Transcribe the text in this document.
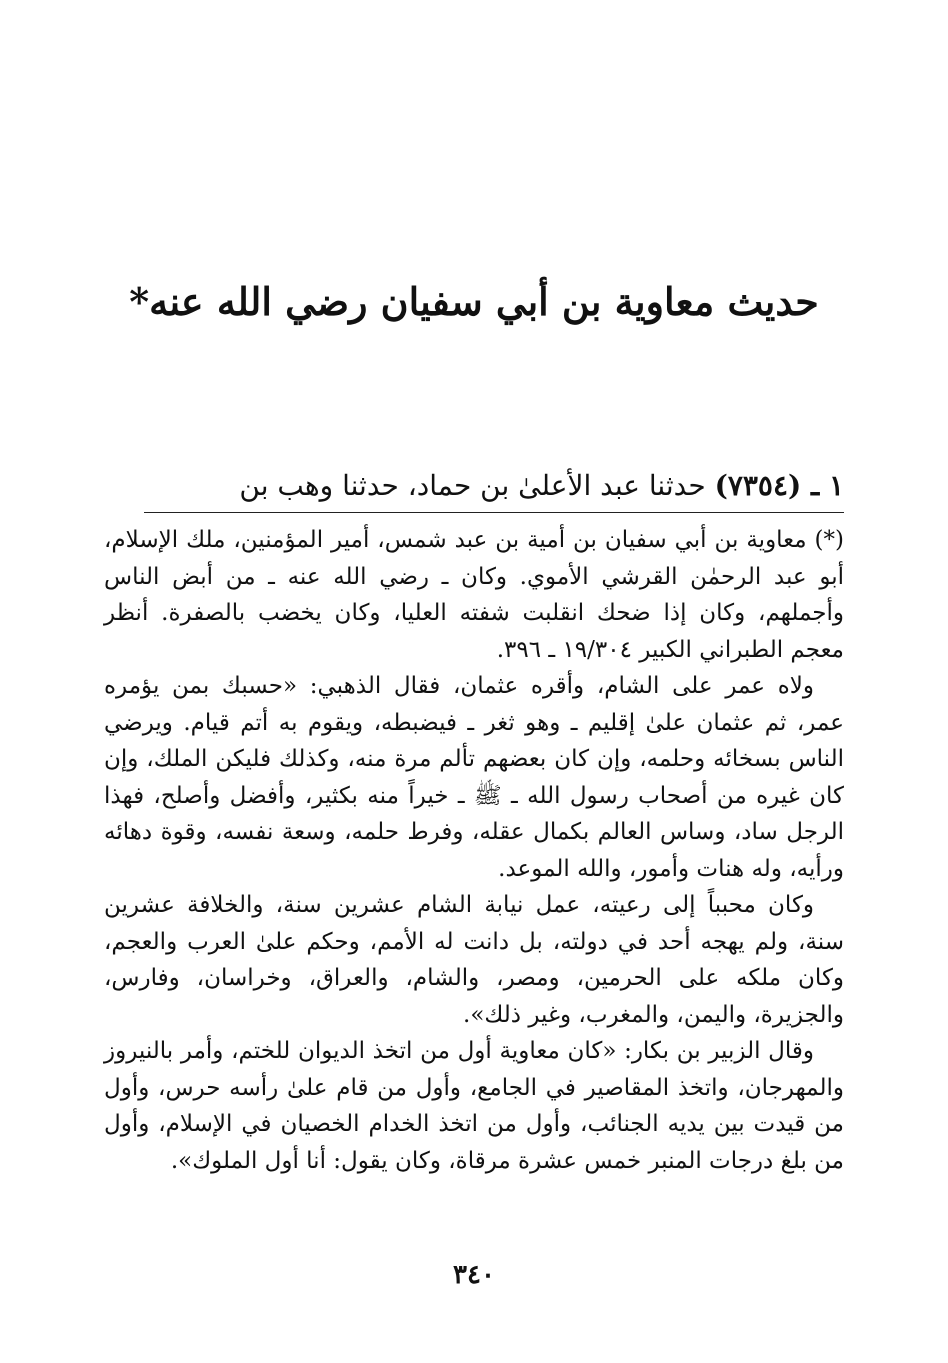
حديث معاوية بن أبي سفيان رضي الله عنه*
١ ـ (٧٣٥٤) حدثنا عبد الأعلىٰ بن حماد، حدثنا وهب بن

(*) معاوية بن أبي سفيان بن أمية بن عبد شمس، أمير المؤمنين، ملك الإسلام، أبو عبد الرحمٰن القرشي الأموي. وكان ـ رضي الله عنه ـ من أبض الناس وأجملهم، وكان إذا ضحك انقلبت شفته العليا، وكان يخضب بالصفرة. أنظر معجم الطبراني الكبير ١٩/٣٠٤ ـ ٣٩٦.

ولاه عمر على الشام، وأقره عثمان، فقال الذهبي: «حسبك بمن يؤمره عمر، ثم عثمان علىٰ إقليم ـ وهو ثغر ـ فيضبطه، ويقوم به أتم قيام. ويرضي الناس بسخائه وحلمه، وإن كان بعضهم تألم مرة منه، وكذلك فليكن الملك، وإن كان غيره من أصحاب رسول الله ـ ﷺ ـ خيراً منه بكثير، وأفضل وأصلح، فهذا الرجل ساد، وساس العالم بكمال عقله، وفرط حلمه، وسعة نفسه، وقوة دهائه ورأيه، وله هنات وأمور، والله الموعد.

وكان محبباً إلى رعيته، عمل نيابة الشام عشرين سنة، والخلافة عشرين سنة، ولم يهجه أحد في دولته، بل دانت له الأمم، وحكم علىٰ العرب والعجم، وكان ملكه على الحرمين، ومصر، والشام، والعراق، وخراسان، وفارس، والجزيرة، واليمن، والمغرب، وغير ذلك».

وقال الزبير بن بكار: «كان معاوية أول من اتخذ الديوان للختم، وأمر بالنيروز والمهرجان، واتخذ المقاصير في الجامع، وأول من قام علىٰ رأسه حرس، وأول من قيدت بين يديه الجنائب، وأول من اتخذ الخدام الخصيان في الإسلام، وأول من بلغ درجات المنبر خمس عشرة مرقاة، وكان يقول: أنا أول الملوك».

٣٤٠
